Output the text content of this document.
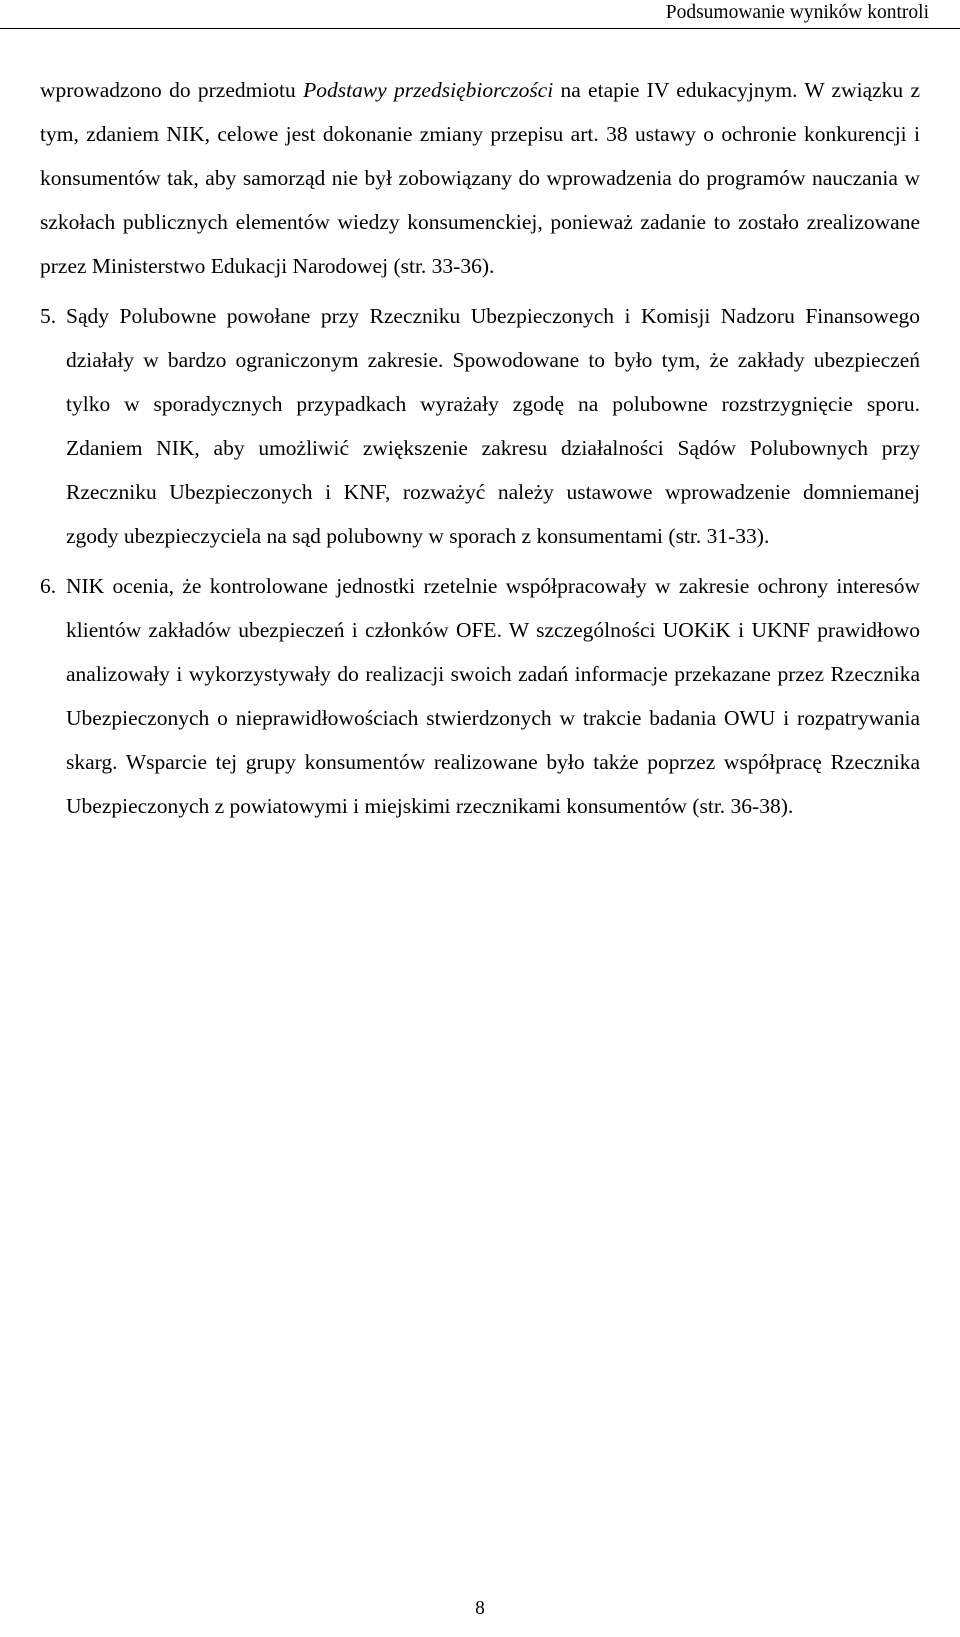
Podsumowanie wyników kontroli

wprowadzono do przedmiotu Podstawy przedsiębiorczości na etapie IV edukacyjnym. W związku z tym, zdaniem NIK, celowe jest dokonanie zmiany przepisu art. 38 ustawy o ochronie konkurencji i konsumentów tak, aby samorząd nie był zobowiązany do wprowadzenia do programów nauczania w szkołach publicznych elementów wiedzy konsumenckiej, ponieważ zadanie to zostało zrealizowane przez Ministerstwo Edukacji Narodowej (str. 33-36).

5. Sądy Polubowne powołane przy Rzeczniku Ubezpieczonych i Komisji Nadzoru Finansowego działały w bardzo ograniczonym zakresie. Spowodowane to było tym, że zakłady ubezpieczeń tylko w sporadycznych przypadkach wyrażały zgodę na polubowne rozstrzygnięcie sporu. Zdaniem NIK, aby umożliwić zwiększenie zakresu działalności Sądów Polubownych przy Rzeczniku Ubezpieczonych i KNF, rozważyć należy ustawowe wprowadzenie domniemanej zgody ubezpieczyciela na sąd polubowny w sporach z konsumentami (str. 31-33).
6. NIK ocenia, że kontrolowane jednostki rzetelnie współpracowały w zakresie ochrony interesów klientów zakładów ubezpieczeń i członków OFE. W szczególności UOKiK i UKNF prawidłowo analizowały i wykorzystywały do realizacji swoich zadań informacje przekazane przez Rzecznika Ubezpieczonych o nieprawidłowościach stwierdzonych w trakcie badania OWU i rozpatrywania skarg. Wsparcie tej grupy konsumentów realizowane było także poprzez współpracę Rzecznika Ubezpieczonych z powiatowymi i miejskimi rzecznikami konsumentów (str. 36-38).
8
